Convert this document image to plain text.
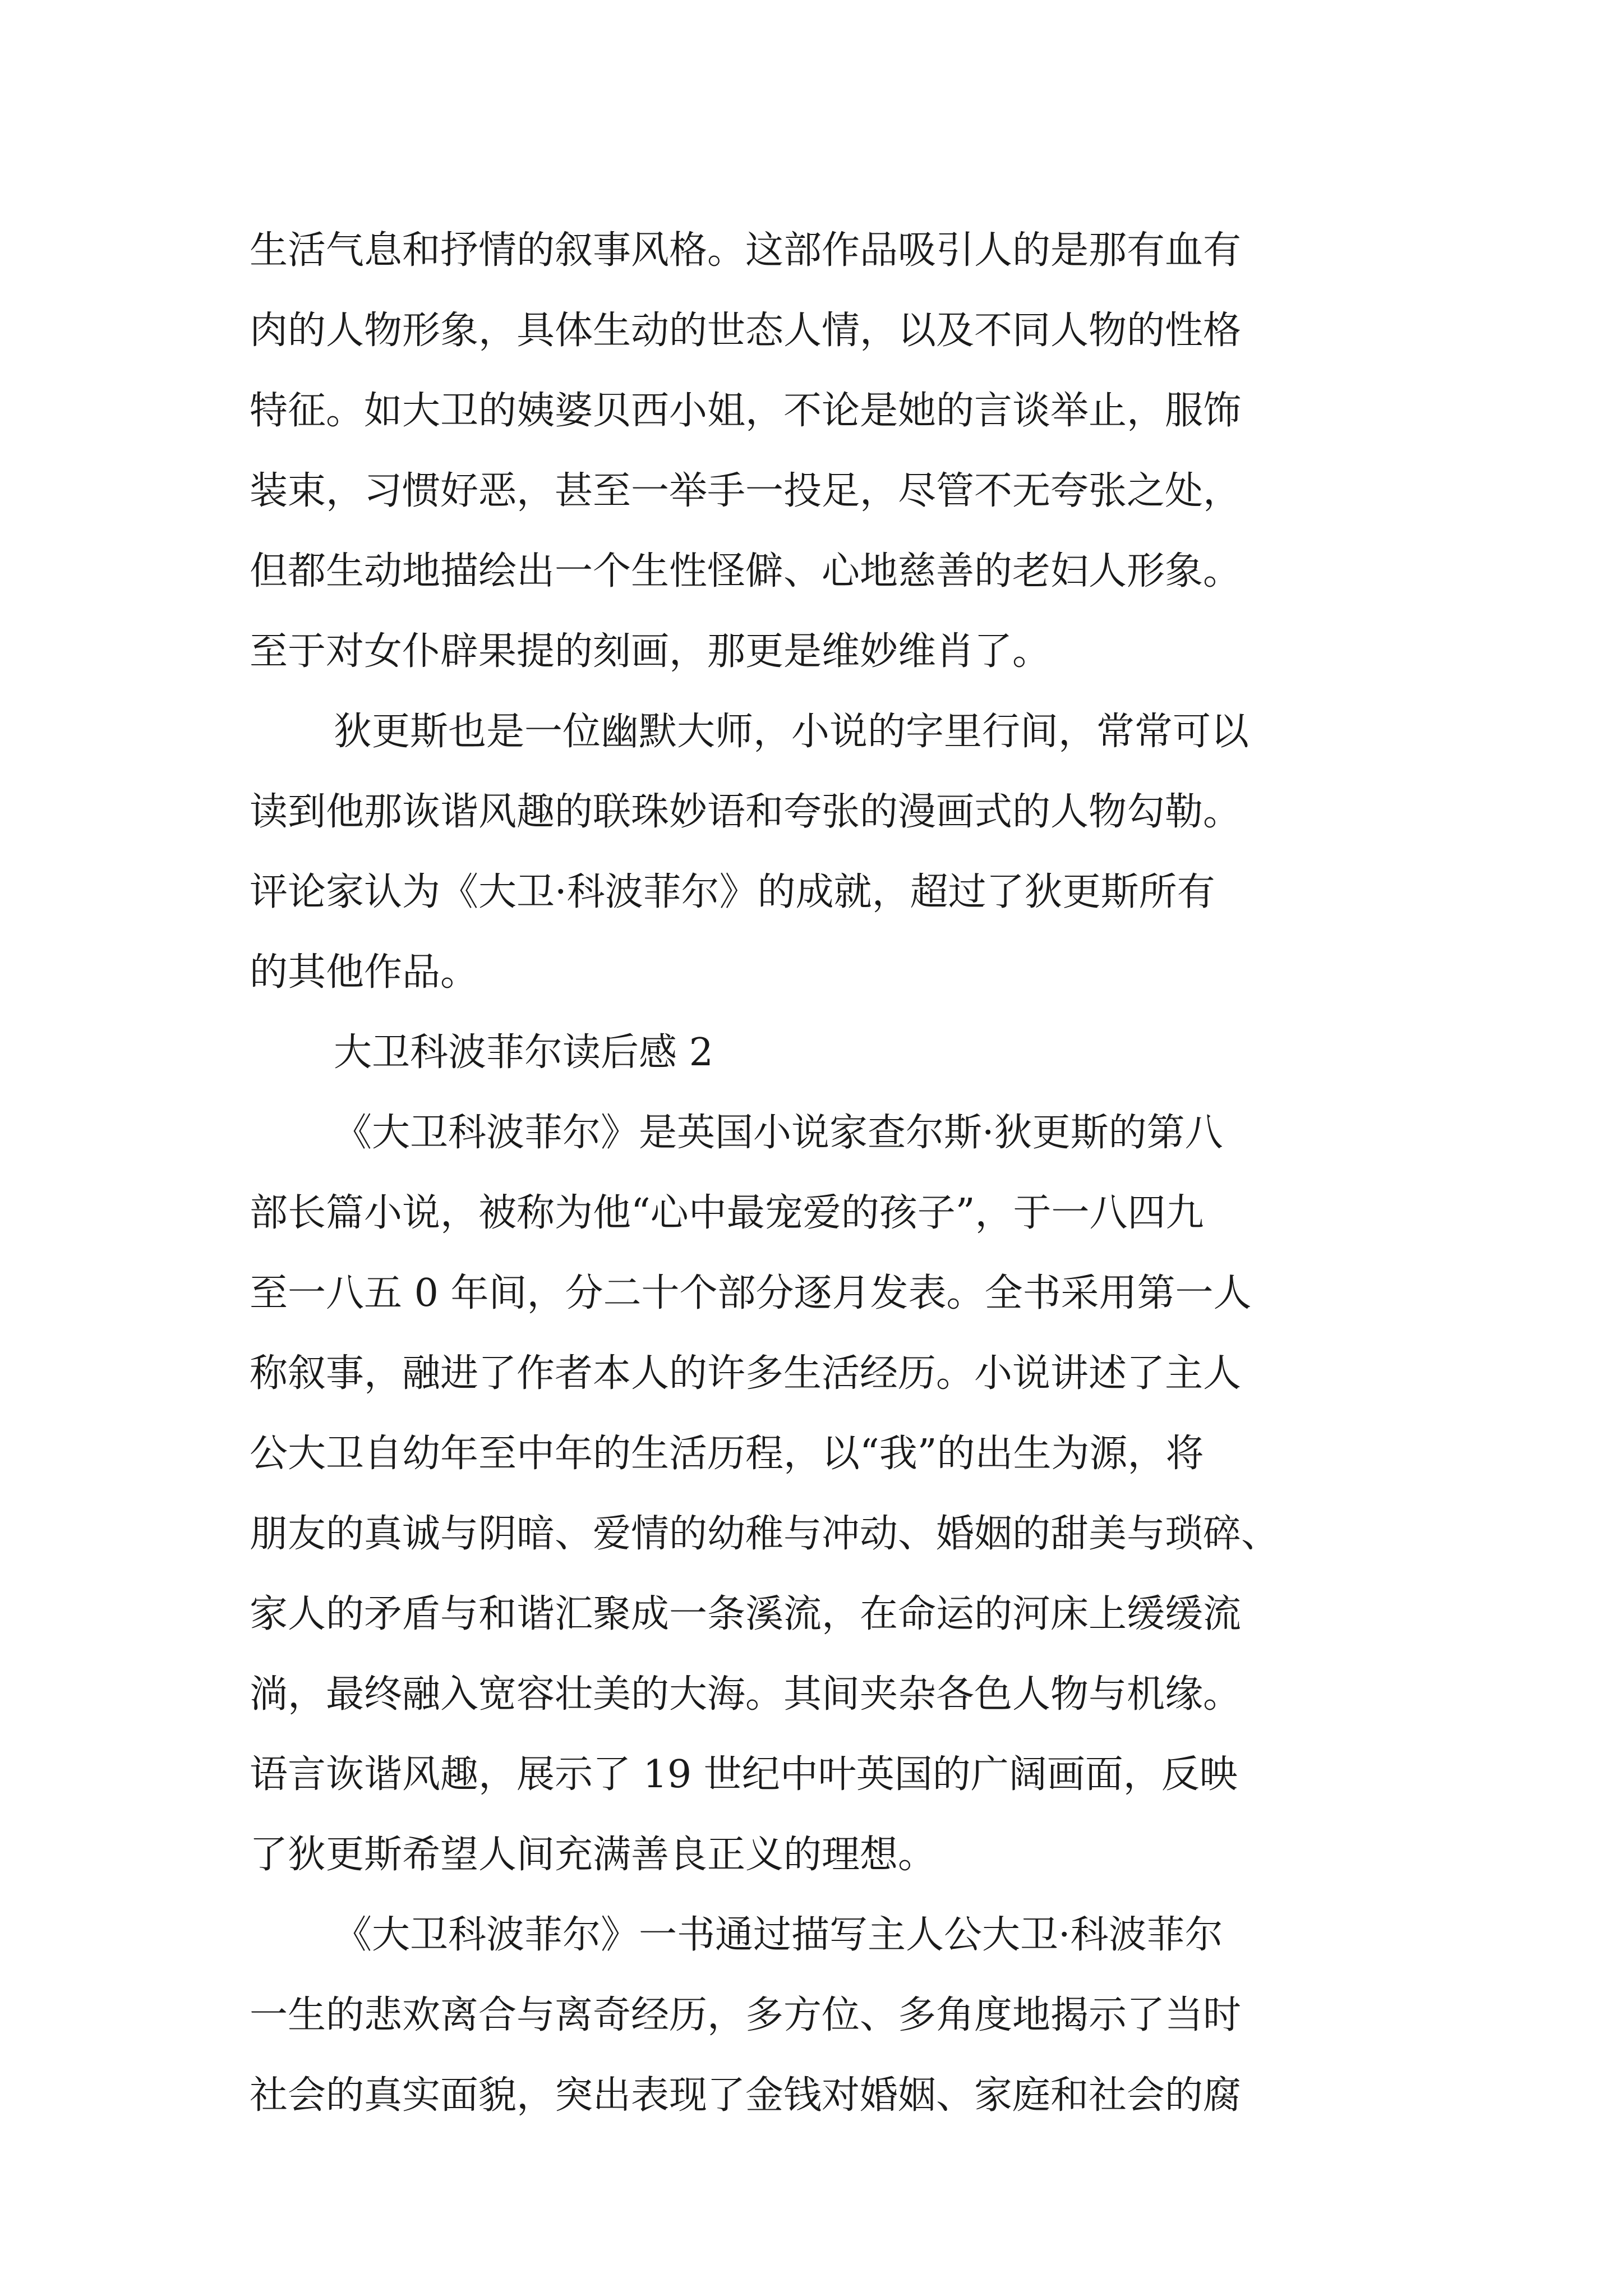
生活气息和抒情的叙事风格。这部作品吸引人的是那有血有
肉的人物形象，具体生动的世态人情，以及不同人物的性格
特征。如大卫的姨婆贝西小姐，不论是她的言谈举止，服饰
装束，习惯好恶，甚至一举手一投足，尽管不无夸张之处，
但都生动地描绘出一个生性怪僻、心地慈善的老妇人形象。
至于对女仆辟果提的刻画，那更是维妙维肖了。
狄更斯也是一位幽默大师，小说的字里行间，常常可以
读到他那诙谐风趣的联珠妙语和夸张的漫画式的人物勾勒。
评论家认为《大卫·科波菲尔》的成就，超过了狄更斯所有
的其他作品。
大卫科波菲尔读后感 2
《大卫科波菲尔》是英国小说家查尔斯·狄更斯的第八
部长篇小说，被称为他“心中最宠爱的孩子”，于一八四九
至一八五 0 年间，分二十个部分逐月发表。全书采用第一人
称叙事，融进了作者本人的许多生活经历。小说讲述了主人
公大卫自幼年至中年的生活历程，以“我”的出生为源，将
朋友的真诚与阴暗、爱情的幼稚与冲动、婚姻的甜美与琐碎、
家人的矛盾与和谐汇聚成一条溪流，在命运的河床上缓缓流
淌，最终融入宽容壮美的大海。其间夹杂各色人物与机缘。
语言诙谐风趣，展示了 19 世纪中叶英国的广阔画面，反映
了狄更斯希望人间充满善良正义的理想。
《大卫科波菲尔》一书通过描写主人公大卫·科波菲尔
一生的悲欢离合与离奇经历，多方位、多角度地揭示了当时
社会的真实面貌，突出表现了金钱对婚姻、家庭和社会的腐
